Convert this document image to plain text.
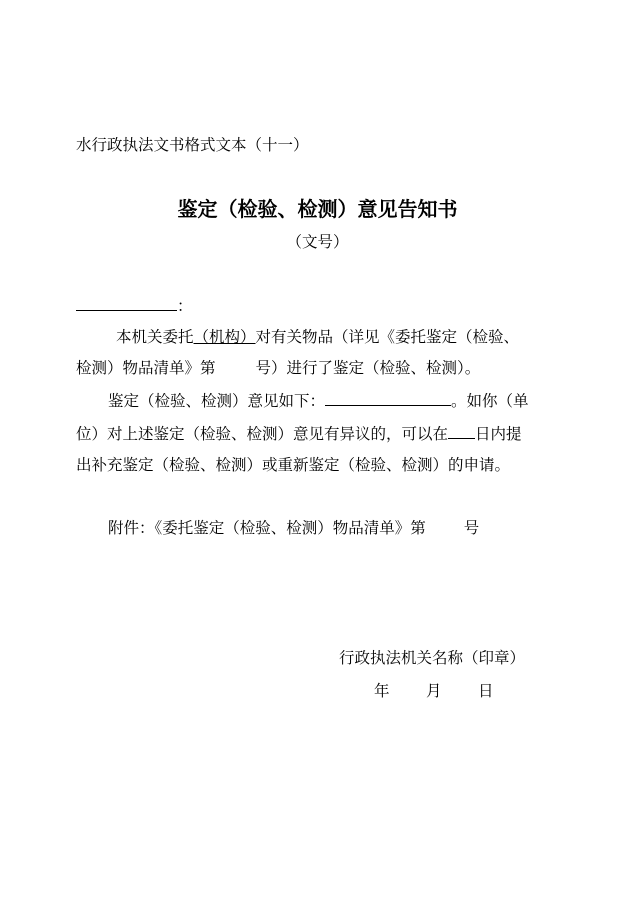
水行政执法文书格式文本（十一）
鉴定（检验、检测）意见告知书
（文号）
：
本机关委托（机构）对有关物品（详见《委托鉴定（检验、
检测）物品清单》第	号）进行了鉴定（检验、检测）。
鉴定（检验、检测）意见如下：	。如你（单
位）对上述鉴定（检验、检测）意见有异议的，可以在 日内提
出补充鉴定（检验、检测）或重新鉴定（检验、检测）的申请。
附件：《委托鉴定（检验、检测）物品清单》第 号
行政执法机关名称（印章）
年 月 日
